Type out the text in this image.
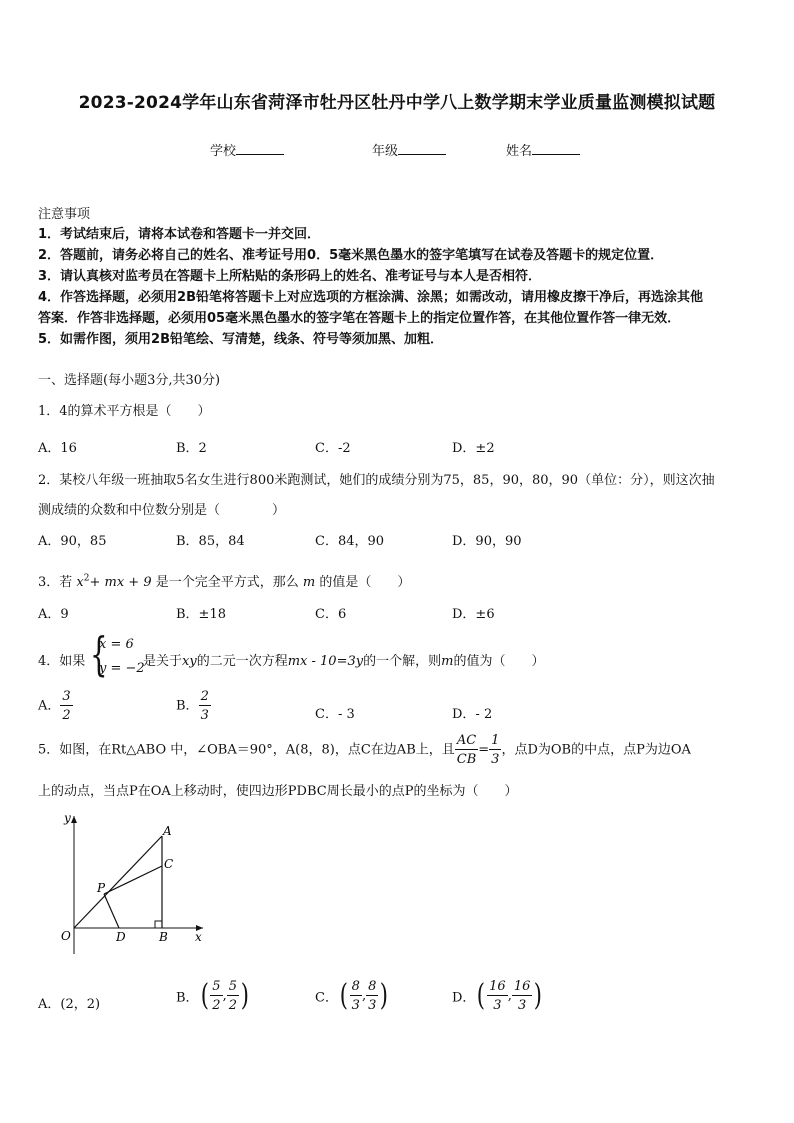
2023-2024学年山东省菏泽市牡丹区牡丹中学八上数学期末学业质量监测模拟试题
学校	年级	姓名
注意事项
1．考试结束后，请将本试卷和答题卡一并交回．
2．答题前，请务必将自己的姓名、准考证号用0．5毫米黑色墨水的签字笔填写在试卷及答题卡的规定位置．
3．请认真核对监考员在答题卡上所粘贴的条形码上的姓名、准考证号与本人是否相符．
4．作答选择题，必须用2B铅笔将答题卡上对应选项的方框涂满、涂黑；如需改动，请用橡皮擦干净后，再选涂其他
答案．作答非选择题，必须用05毫米黑色墨水的签字笔在答题卡上的指定位置作答，在其他位置作答一律无效．
5．如需作图，须用2B铅笔绘、写清楚，线条、符号等须加黑、加粗．
一、选择题(每小题3分,共30分)
1．4的算术平方根是（　　）
A．16	B．2	C．-2	D．±2
2．某校八年级一班抽取5名女生进行800米跑测试，她们的成绩分别为75，85，90，80，90（单位：分），则这次抽
测成绩的众数和中位数分别是（　　　　）
A．90，85	B．85，84	C．84，90	D．90，90
3．若 $x^2+$ mx + 9 是一个完全平方式，那么 m 的值是（　　）
A．9	B．±18	C．6	D．±6
4．如果 {
x = 6
y = −2
是关于xy的二元一次方程mx - 10=3y的一个解，则m的值为（　　）
A． $\frac{3}{2}$	B． $\frac{2}{3}$	C．- 3	D．- 2
5．如图，在Rt△ABO 中，∠OBA＝90°，A(8，8)，点C在边AB上，且 $\frac{AC}{CB} = \frac{1}{3}$ ，点D为OB的中点，点P为边OA
上的动点，当点P在OA上移动时，使四边形PDBC周长最小的点P的坐标为（　　）
y
x
O	D	B
A
C
P
A．(2，2)	B．( $\frac{5}{2}$ , $\frac{5}{2}$ )	C．( $\frac{8}{3}$ , $\frac{8}{3}$ )	D．( $\frac{16}{3}$ , $\frac{16}{3}$ )
